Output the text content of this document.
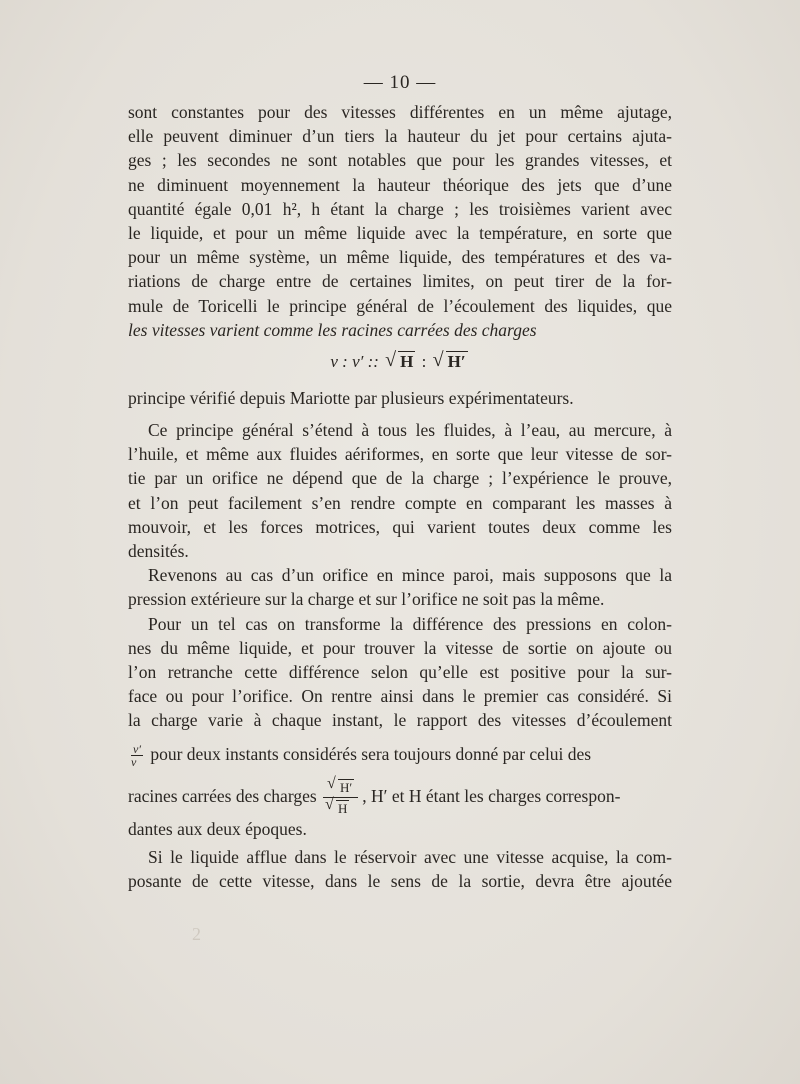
— 10 —
sont constantes pour des vitesses différentes en un même ajutage,
elle peuvent diminuer d’un tiers la hauteur du jet pour certains ajuta-
ges ; les secondes ne sont notables que pour les grandes vitesses, et
ne diminuent moyennement la hauteur théorique des jets que d’une
quantité égale 0,01 h², h étant la charge ; les troisièmes varient avec
le liquide, et pour un même liquide avec la température, en sorte que
pour un même système, un même liquide, des températures et des va-
riations de charge entre de certaines limites, on peut tirer de la for-
mule de Toricelli le principe général de l’écoulement des liquides, que
les vitesses varient comme les racines carrées des charges
v : v′ :: √ H : √ H′
principe vérifié depuis Mariotte par plusieurs expérimentateurs.
Ce principe général s’étend à tous les fluides, à l’eau, au mercure, à
l’huile, et même aux fluides aériformes, en sorte que leur vitesse de sor-
tie par un orifice ne dépend que de la charge ; l’expérience le prouve,
et l’on peut facilement s’en rendre compte en comparant les masses à
mouvoir, et les forces motrices, qui varient toutes deux comme les
densités.
Revenons au cas d’un orifice en mince paroi, mais supposons que la
pression extérieure sur la charge et sur l’orifice ne soit pas la même.
Pour un tel cas on transforme la différence des pressions en colon-
nes du même liquide, et pour trouver la vitesse de sortie on ajoute ou
l’on retranche cette différence selon qu’elle est positive pour la sur-
face ou pour l’orifice. On rentre ainsi dans le premier cas considéré. Si
la charge varie à chaque instant, le rapport des vitesses d’écoulement
$\frac{v'}{v}$ pour deux instants considérés sera toujours donné par celui des
racines carrées des charges $\frac{√ H'}{√ H}$ , H′ et H étant les charges correspon-
dantes aux deux époques.
Si le liquide afflue dans le réservoir avec une vitesse acquise, la com-
posante de cette vitesse, dans le sens de la sortie, devra être ajoutée
2
